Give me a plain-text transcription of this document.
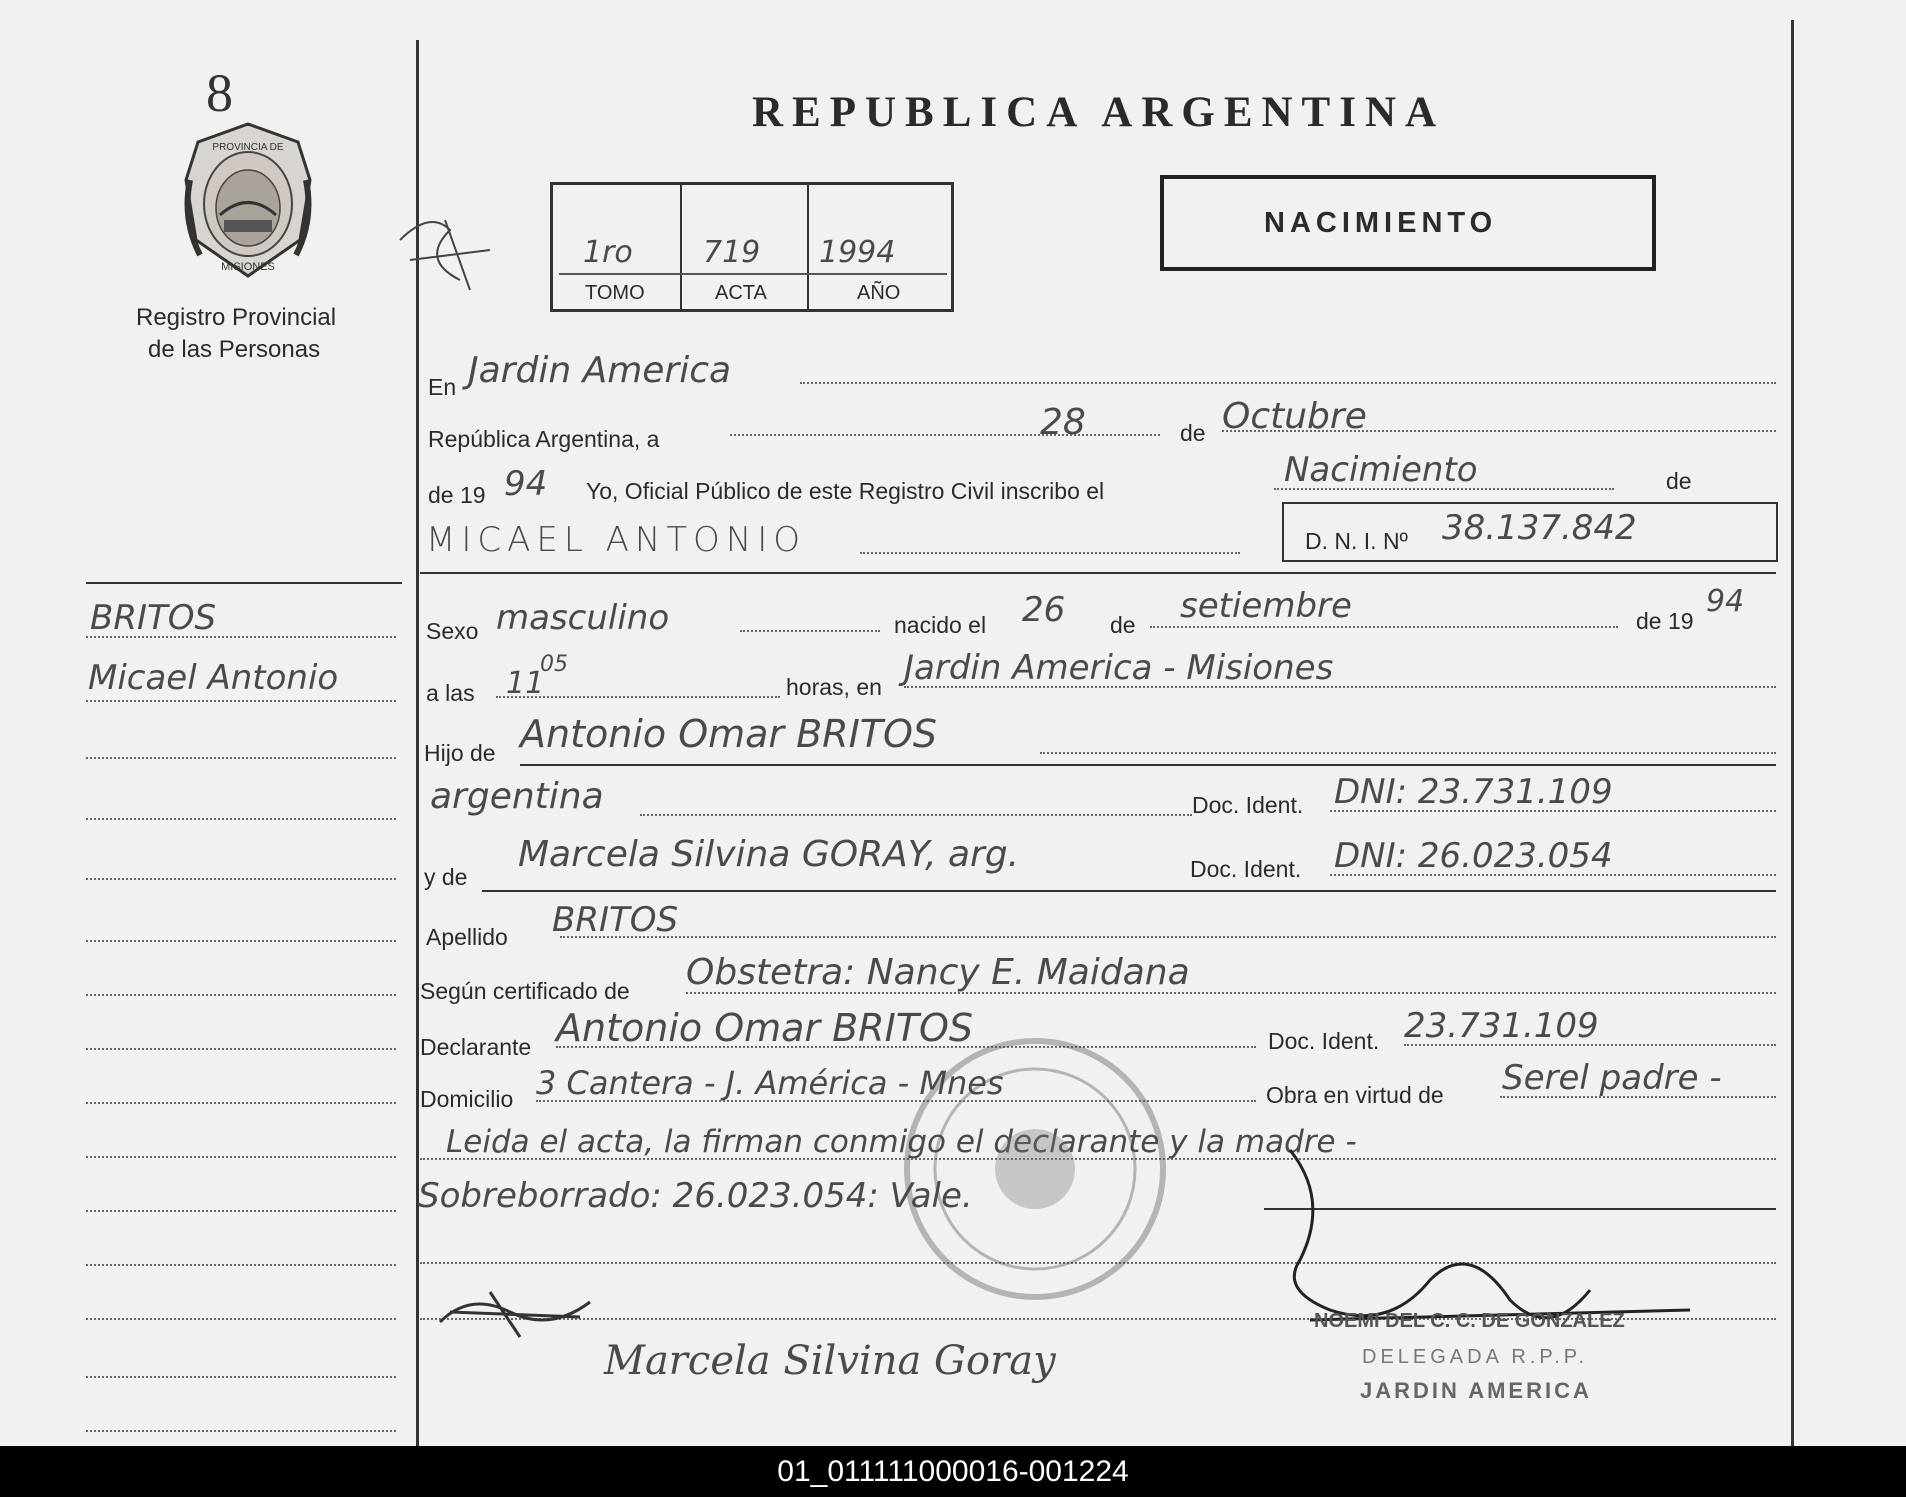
8
PROVINCIA DE
MISIONES
Registro Provincial
de las Personas
BRITOS
Micael Antonio
REPUBLICA ARGENTINA
1ro 719 1994
TOMO	ACTA	AÑO
NACIMIENTO
En Jardin America
República Argentina, a	28	de Octubre
de 19 94 Yo, Oficial Público de este Registro Civil inscribo el
Nacimiento	de
MICAEL ANTONIO	D. N. I. Nº 38.137.842
Sexo masculino	nacido el 26 de setiembre	de 19
94
a las 11
05
horas, en Jardin America - Misiones
Hijo de Antonio Omar BRITOS
argentina	Doc. Ident. DNI: 23.731.109
y de
Marcela Silvina GORAY, arg.	Doc. Ident. DNI: 26.023.054
Apellido BRITOS
Según certificado de Obstetra: Nancy E. Maidana
Declarante Antonio Omar BRITOS	Doc. Ident. 23.731.109
Domicilio 3 Cantera - J. América - Mnes	Obra en virtud de Serel padre -
Leida el acta, la firman conmigo el declarante y la madre -
Sobreborrado: 26.023.054: Vale.
Marcela Silvina Goray
NOEMI DEL C. C. DE GONZALEZ
DELEGADA R.P.P.
JARDIN AMERICA
01_011111000016-001224
